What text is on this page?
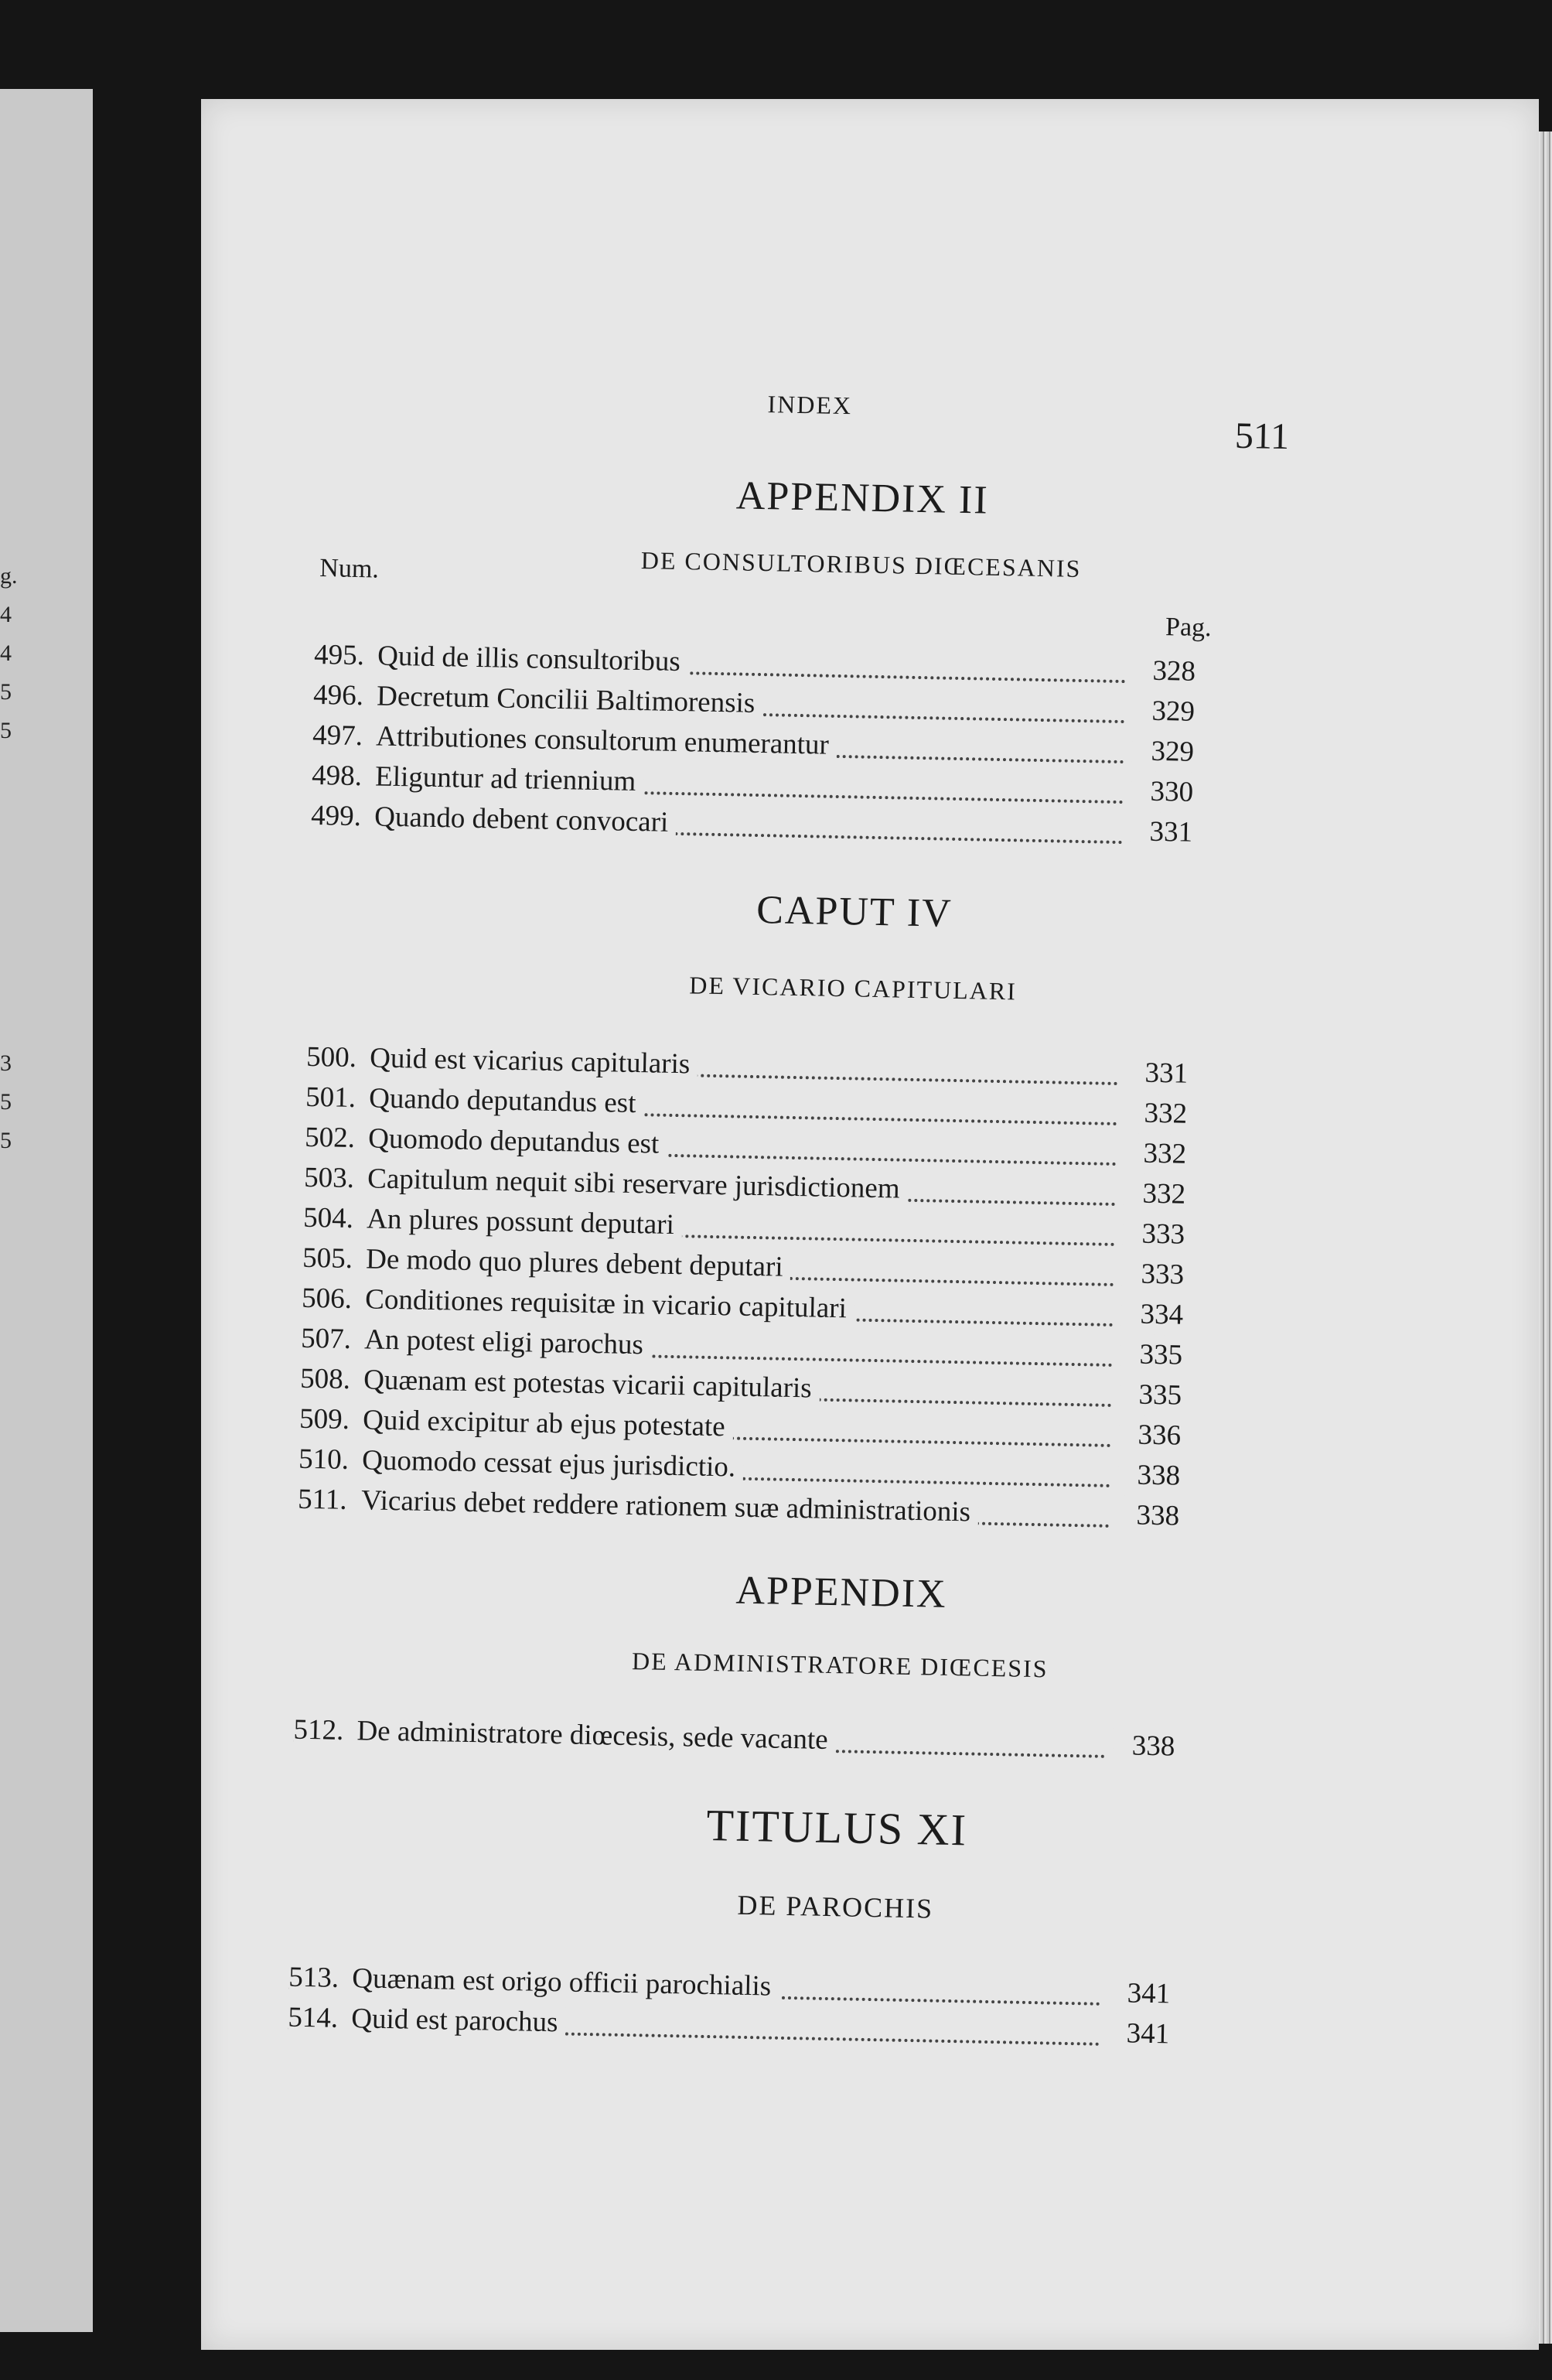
g.
4
4
5
5
3
5
5
INDEX
511
APPENDIX II
Num.	DE CONSULTORIBUS DIŒCESANIS
Pag.
495. Quid de illis consultoribus	328
496. Decretum Concilii Baltimorensis	329
497. Attributiones consultorum enumerantur	329
498. Eliguntur ad triennium	330
499. Quando debent convocari	331
CAPUT IV
DE VICARIO CAPITULARI
500. Quid est vicarius capitularis	331
501. Quando deputandus est	332
502. Quomodo deputandus est	332
503. Capitulum nequit sibi reservare jurisdictionem	332
504. An plures possunt deputari	333
505. De modo quo plures debent deputari	333
506. Conditiones requisitæ in vicario capitulari	334
507. An potest eligi parochus	335
508. Quænam est potestas vicarii capitularis	335
509. Quid excipitur ab ejus potestate	336
510. Quomodo cessat ejus jurisdictio.	338
511. Vicarius debet reddere rationem suæ administrationis	338
APPENDIX
DE ADMINISTRATORE DIŒCESIS
512. De administratore diœcesis, sede vacante	338
TITULUS XI
DE PAROCHIS
513. Quænam est origo officii parochialis	341
514. Quid est parochus	341
